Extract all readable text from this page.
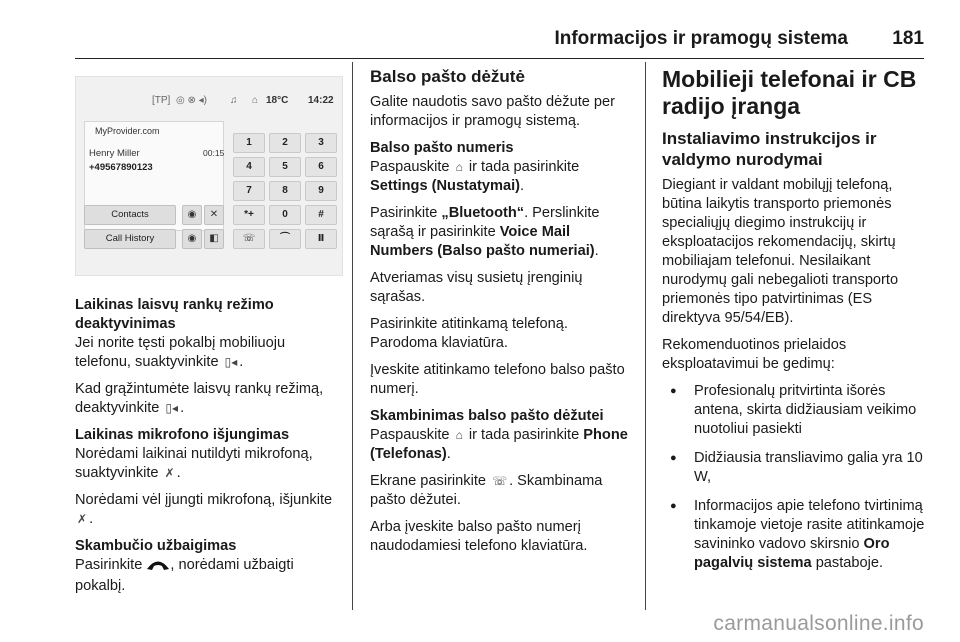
Informacijos ir pramogų sistema 181
[TP] ◎ ⊗ ◂) ♫ ⌂ 18°C 14:22
MyProvider.com
Henry Miller
+49567890123
00:15
1	2	3
4	5	6
7	8	9
*+	0	#
Contacts	◉	✕
Call History	◉	◧	☏	⌒	Ⅱ
Laikinas laisvų rankų režimo deaktyvinimas

Jei norite tęsti pokalbį mobiliuoju telefonu, suaktyvinkite ▯◂ .

Kad grąžintumėte laisvų rankų režimą, deaktyvinkite ▯◂ .

Laikinas mikrofono išjungimas

Norėdami laikinai nutildyti mikrofoną, suaktyvinkite ✗ .

Norėdami vėl įjungti mikrofoną, išjunkite ✗ .

Skambučio užbaigimas

Pasirinkite , norėdami užbaigti pokalbį.

Balso pašto dėžutė

Galite naudotis savo pašto dėžute per informacijos ir pramogų sistemą.

Balso pašto numeris

Paspauskite ⌂ ir tada pasirinkite Settings (Nustatymai).

Pasirinkite „Bluetooth“. Perslinkite sąrašą ir pasirinkite Voice Mail Numbers (Balso pašto numeriai).

Atveriamas visų susietų įrenginių sąrašas.

Pasirinkite atitinkamą telefoną. Parodoma klaviatūra.

Įveskite atitinkamo telefono balso pašto numerį.

Skambinimas balso pašto dėžutei

Paspauskite ⌂ ir tada pasirinkite Phone (Telefonas).

Ekrane pasirinkite ☏ . Skambinama pašto dėžutei.

Arba įveskite balso pašto numerį naudodamiesi telefono klaviatūra.

Mobilieji telefonai ir CB radijo įranga
Instaliavimo instrukcijos ir valdymo nurodymai

Diegiant ir valdant mobilųjį telefoną, būtina laikytis transporto priemonės specialiųjų diegimo instrukcijų ir eksploatacijos rekomendacijų, skirtų mobiliajam telefonui. Nesilaikant nurodymų gali nebegalioti transporto priemonės tipo patvirtinimas (ES direktyva 95/54/EB).

Rekomenduotinos prielaidos eksploatavimui be gedimų:

● Profesionalų pritvirtinta išorės antena, skirta didžiausiam veikimo nuotoliui pasiekti
● Didžiausia transliavimo galia yra 10 W,
● Informacijos apie telefono tvirtinimą tinkamoje vietoje rasite atitinkamoje savininko vadovo skirsnio Oro pagalvių sistema pastaboje.
carmanualsonline.info
